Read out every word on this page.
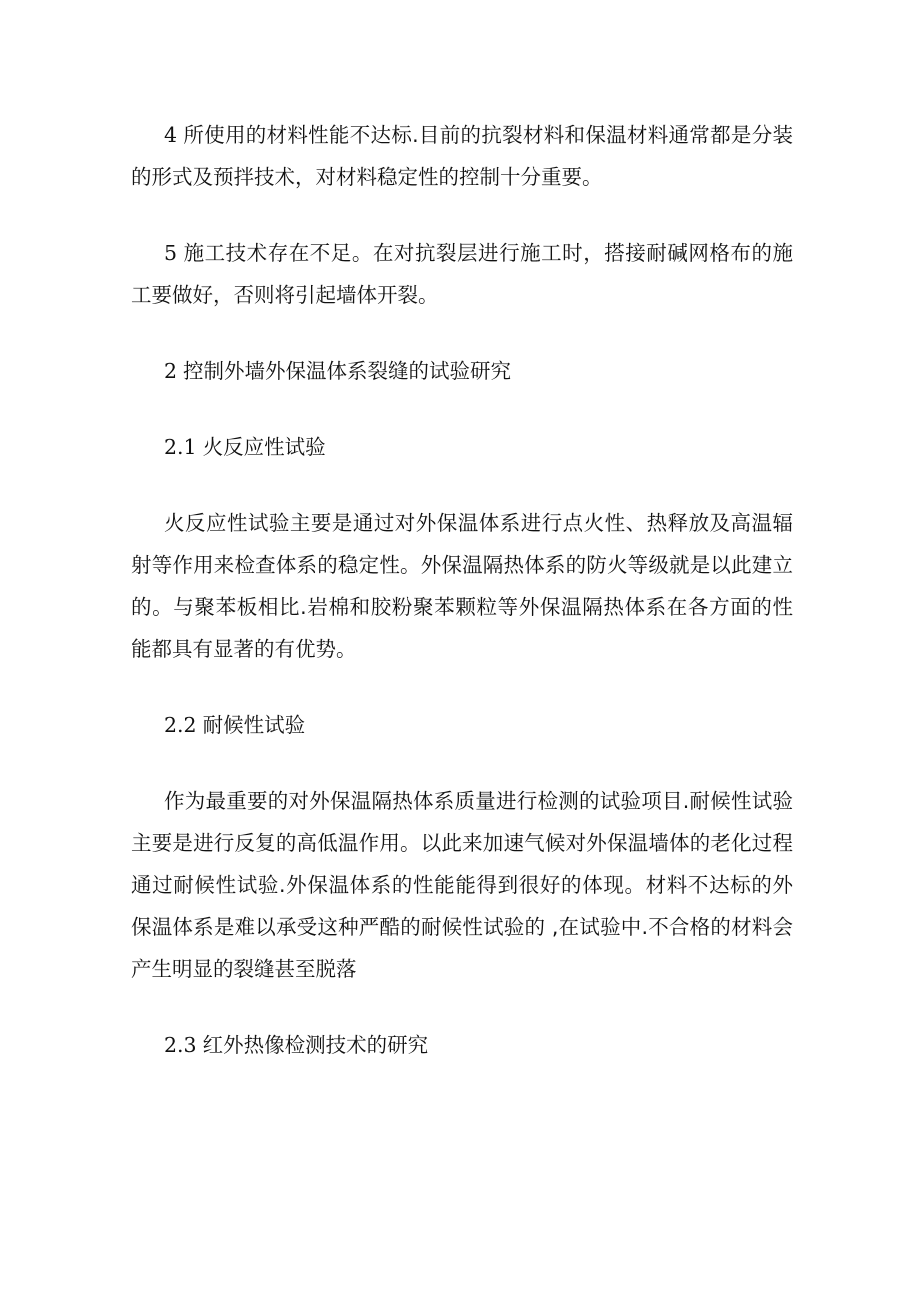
4 所使用的材料性能不达标.目前的抗裂材料和保温材料通常都是分装的形式及预拌技术，对材料稳定性的控制十分重要。

5 施工技术存在不足。在对抗裂层进行施工时，搭接耐碱网格布的施工要做好，否则将引起墙体开裂。

2 控制外墙外保温体系裂缝的试验研究

2.1 火反应性试验

火反应性试验主要是通过对外保温体系进行点火性、热释放及高温辐射等作用来检查体系的稳定性。外保温隔热体系的防火等级就是以此建立的。与聚苯板相比.岩棉和胶粉聚苯颗粒等外保温隔热体系在各方面的性能都具有显著的有优势。

2.2 耐候性试验

作为最重要的对外保温隔热体系质量进行检测的试验项目.耐候性试验主要是进行反复的高低温作用。以此来加速气候对外保温墙体的老化过程通过耐候性试验.外保温体系的性能能得到很好的体现。材料不达标的外保温体系是难以承受这种严酷的耐候性试验的 ,在试验中.不合格的材料会产生明显的裂缝甚至脱落

2.3 红外热像检测技术的研究
